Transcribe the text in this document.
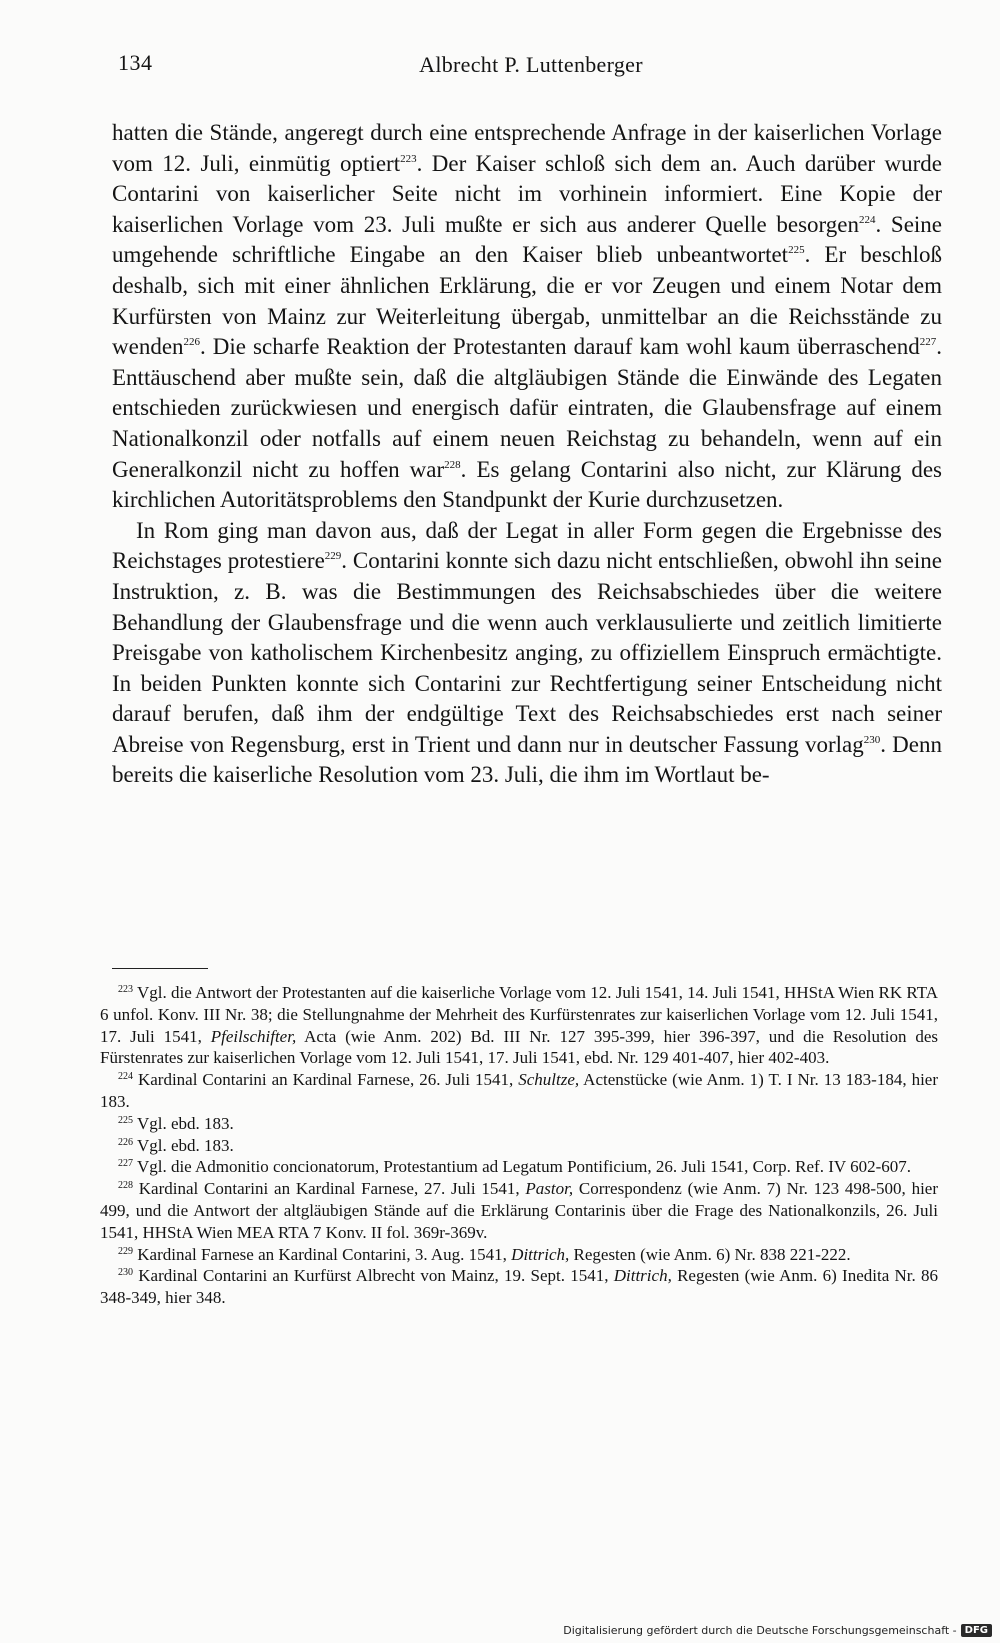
134	Albrecht P. Luttenberger

hatten die Stände, angeregt durch eine entsprechende Anfrage in der kaiserlichen Vorlage vom 12. Juli, einmütig optiert$^{223}$. Der Kaiser schloß sich dem an. Auch darüber wurde Contarini von kaiserlicher Seite nicht im vorhinein informiert. Eine Kopie der kaiserlichen Vorlage vom 23. Juli mußte er sich aus anderer Quelle besorgen$^{224}$. Seine umgehende schriftliche Eingabe an den Kaiser blieb unbeantwortet$^{225}$. Er beschloß deshalb, sich mit einer ähnlichen Erklärung, die er vor Zeugen und einem Notar dem Kurfürsten von Mainz zur Weiterleitung übergab, unmittelbar an die Reichsstände zu wenden$^{226}$. Die scharfe Reaktion der Protestanten darauf kam wohl kaum überraschend$^{227}$. Enttäuschend aber mußte sein, daß die altgläubigen Stände die Einwände des Legaten entschieden zurückwiesen und energisch dafür eintraten, die Glaubensfrage auf einem Nationalkonzil oder notfalls auf einem neuen Reichstag zu behandeln, wenn auf ein Generalkonzil nicht zu hoffen war$^{228}$. Es gelang Contarini also nicht, zur Klärung des kirchlichen Autoritätsproblems den Standpunkt der Kurie durchzusetzen.

In Rom ging man davon aus, daß der Legat in aller Form gegen die Ergebnisse des Reichstages protestiere$^{229}$. Contarini konnte sich dazu nicht entschließen, obwohl ihn seine Instruktion, z. B. was die Bestimmungen des Reichsabschiedes über die weitere Behandlung der Glaubensfrage und die wenn auch verklausulierte und zeitlich limitierte Preisgabe von katholischem Kirchenbesitz anging, zu offiziellem Einspruch ermächtigte. In beiden Punkten konnte sich Contarini zur Rechtfertigung seiner Entscheidung nicht darauf berufen, daß ihm der endgültige Text des Reichsabschiedes erst nach seiner Abreise von Regensburg, erst in Trient und dann nur in deutscher Fassung vorlag$^{230}$. Denn bereits die kaiserliche Resolution vom 23. Juli, die ihm im Wortlaut be-

$^{223}$ Vgl. die Antwort der Protestanten auf die kaiserliche Vorlage vom 12. Juli 1541, 14. Juli 1541, HHStA Wien RK RTA 6 unfol. Konv. III Nr. 38; die Stellungnahme der Mehrheit des Kurfürstenrates zur kaiserlichen Vorlage vom 12. Juli 1541, 17. Juli 1541, Pfeilschifter, Acta (wie Anm. 202) Bd. III Nr. 127 395-399, hier 396-397, und die Resolution des Fürstenrates zur kaiserlichen Vorlage vom 12. Juli 1541, 17. Juli 1541, ebd. Nr. 129 401-407, hier 402-403.

$^{224}$ Kardinal Contarini an Kardinal Farnese, 26. Juli 1541, Schultze, Actenstücke (wie Anm. 1) T. I Nr. 13 183-184, hier 183.

$^{225}$ Vgl. ebd. 183.

$^{226}$ Vgl. ebd. 183.

$^{227}$ Vgl. die Admonitio concionatorum, Protestantium ad Legatum Pontificium, 26. Juli 1541, Corp. Ref. IV 602-607.

$^{228}$ Kardinal Contarini an Kardinal Farnese, 27. Juli 1541, Pastor, Correspondenz (wie Anm. 7) Nr. 123 498-500, hier 499, und die Antwort der altgläubigen Stände auf die Erklärung Contarinis über die Frage des Nationalkonzils, 26. Juli 1541, HHStA Wien MEA RTA 7 Konv. II fol. 369r-369v.

$^{229}$ Kardinal Farnese an Kardinal Contarini, 3. Aug. 1541, Dittrich, Regesten (wie Anm. 6) Nr. 838 221-222.

$^{230}$ Kardinal Contarini an Kurfürst Albrecht von Mainz, 19. Sept. 1541, Dittrich, Regesten (wie Anm. 6) Inedita Nr. 86 348-349, hier 348.

Digitalisierung gefördert durch die Deutsche Forschungsgemeinschaft - DFG
